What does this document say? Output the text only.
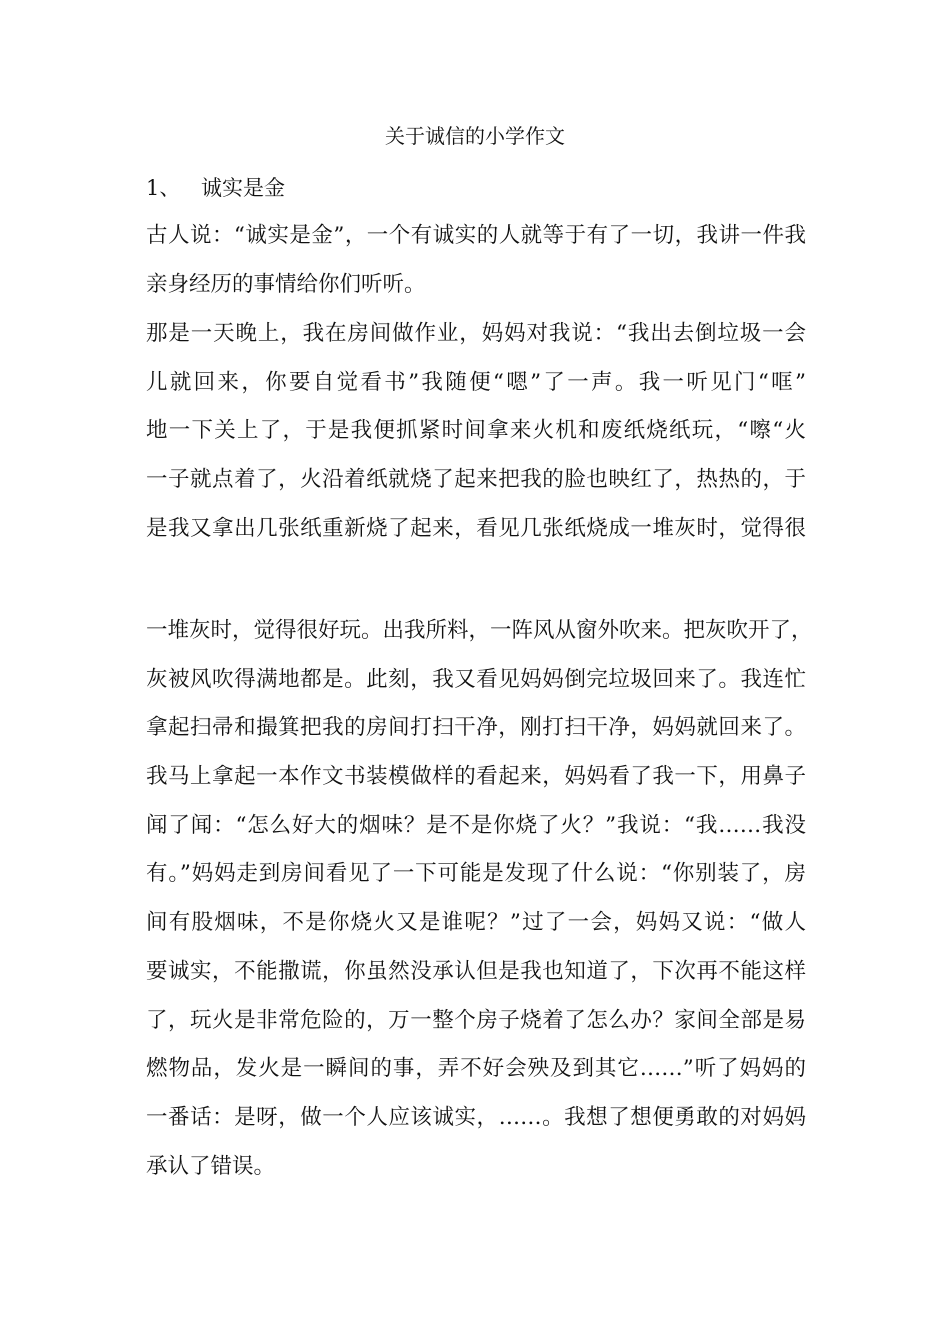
关于诚信的小学作文
1、 诚实是金
古人说：“诚实是金”，一个有诚实的人就等于有了一切，我讲一件我
亲身经历的事情给你们听听。
那是一天晚上，我在房间做作业，妈妈对我说：“我出去倒垃圾一会
儿就回来，你要自觉看书”我随便“嗯”了一声。我一听见门“哐”
地一下关上了，于是我便抓紧时间拿来火机和废纸烧纸玩，“嚓“火
一子就点着了，火沿着纸就烧了起来把我的脸也映红了，热热的，于
是我又拿出几张纸重新烧了起来，看见几张纸烧成一堆灰时，觉得很
一堆灰时，觉得很好玩。出我所料，一阵风从窗外吹来。把灰吹开了，
灰被风吹得满地都是。此刻，我又看见妈妈倒完垃圾回来了。我连忙
拿起扫帚和撮箕把我的房间打扫干净，刚打扫干净，妈妈就回来了。
我马上拿起一本作文书装模做样的看起来，妈妈看了我一下，用鼻子
闻了闻：“怎么好大的烟味？是不是你烧了火？”我说：“我……我没
有。”妈妈走到房间看见了一下可能是发现了什么说：“你别装了，房
间有股烟味，不是你烧火又是谁呢？”过了一会，妈妈又说：“做人
要诚实，不能撒谎，你虽然没承认但是我也知道了，下次再不能这样
了，玩火是非常危险的，万一整个房子烧着了怎么办？家间全部是易
燃物品，发火是一瞬间的事，弄不好会殃及到其它……”听了妈妈的
一番话：是呀，做一个人应该诚实，……。我想了想便勇敢的对妈妈
承认了错误。
